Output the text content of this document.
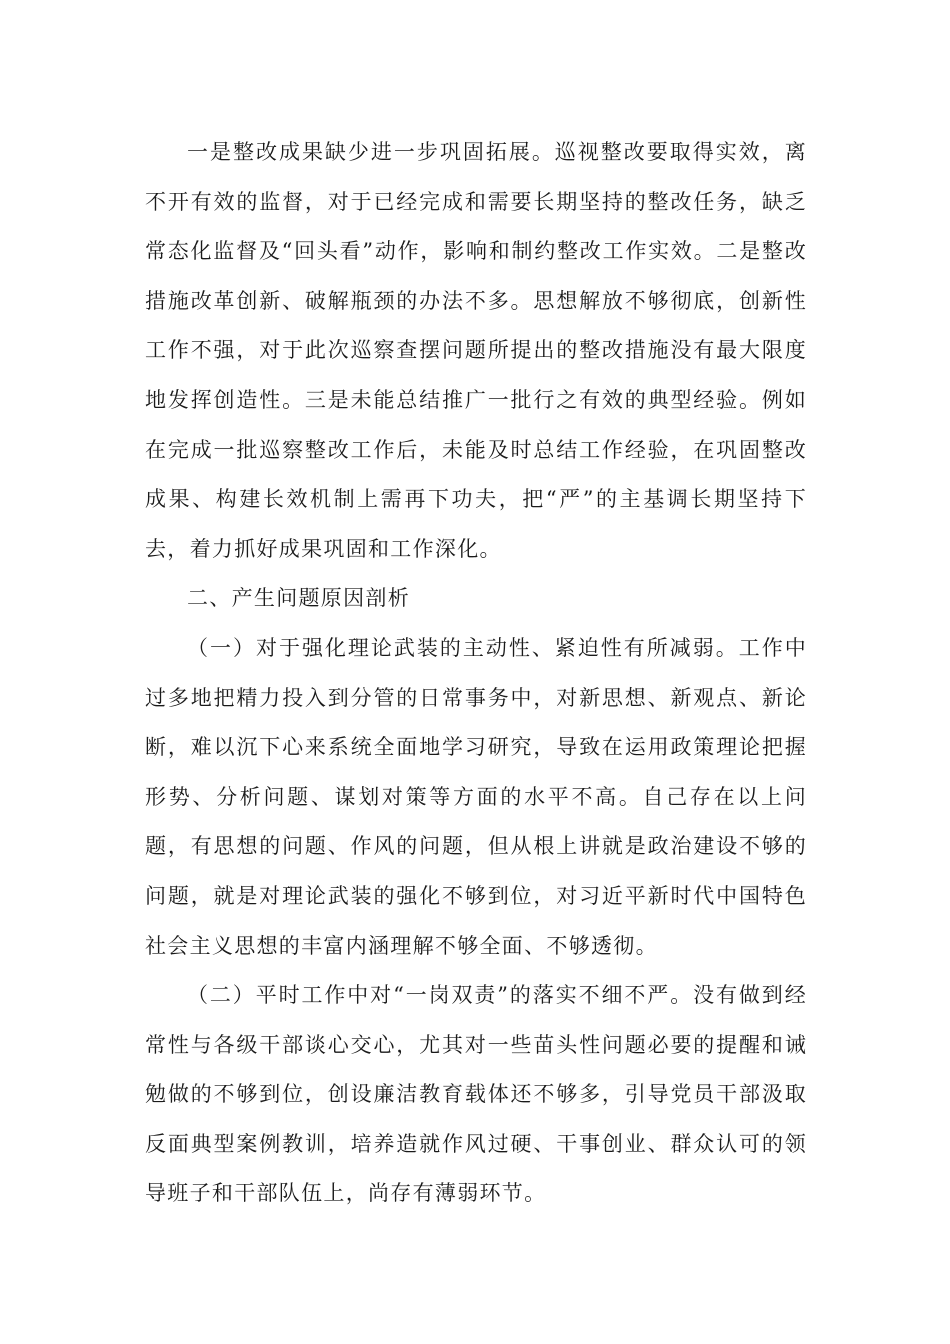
一是整改成果缺少进一步巩固拓展。巡视整改要取得实效，离不开有效的监督，对于已经完成和需要长期坚持的整改任务，缺乏常态化监督及“回头看”动作，影响和制约整改工作实效。二是整改措施改革创新、破解瓶颈的办法不多。思想解放不够彻底，创新性工作不强，对于此次巡察查摆问题所提出的整改措施没有最大限度地发挥创造性。三是未能总结推广一批行之有效的典型经验。例如在完成一批巡察整改工作后，未能及时总结工作经验，在巩固整改成果、构建长效机制上需再下功夫，把“严”的主基调长期坚持下去，着力抓好成果巩固和工作深化。

二、产生问题原因剖析

（一）对于强化理论武装的主动性、紧迫性有所减弱。工作中过多地把精力投入到分管的日常事务中，对新思想、新观点、新论断，难以沉下心来系统全面地学习研究，导致在运用政策理论把握形势、分析问题、谋划对策等方面的水平不高。自己存在以上问题，有思想的问题、作风的问题，但从根上讲就是政治建设不够的问题，就是对理论武装的强化不够到位，对习近平新时代中国特色社会主义思想的丰富内涵理解不够全面、不够透彻。

（二）平时工作中对“一岗双责”的落实不细不严。没有做到经常性与各级干部谈心交心，尤其对一些苗头性问题必要的提醒和诫勉做的不够到位，创设廉洁教育载体还不够多，引导党员干部汲取反面典型案例教训，培养造就作风过硬、干事创业、群众认可的领导班子和干部队伍上，尚存有薄弱环节。
